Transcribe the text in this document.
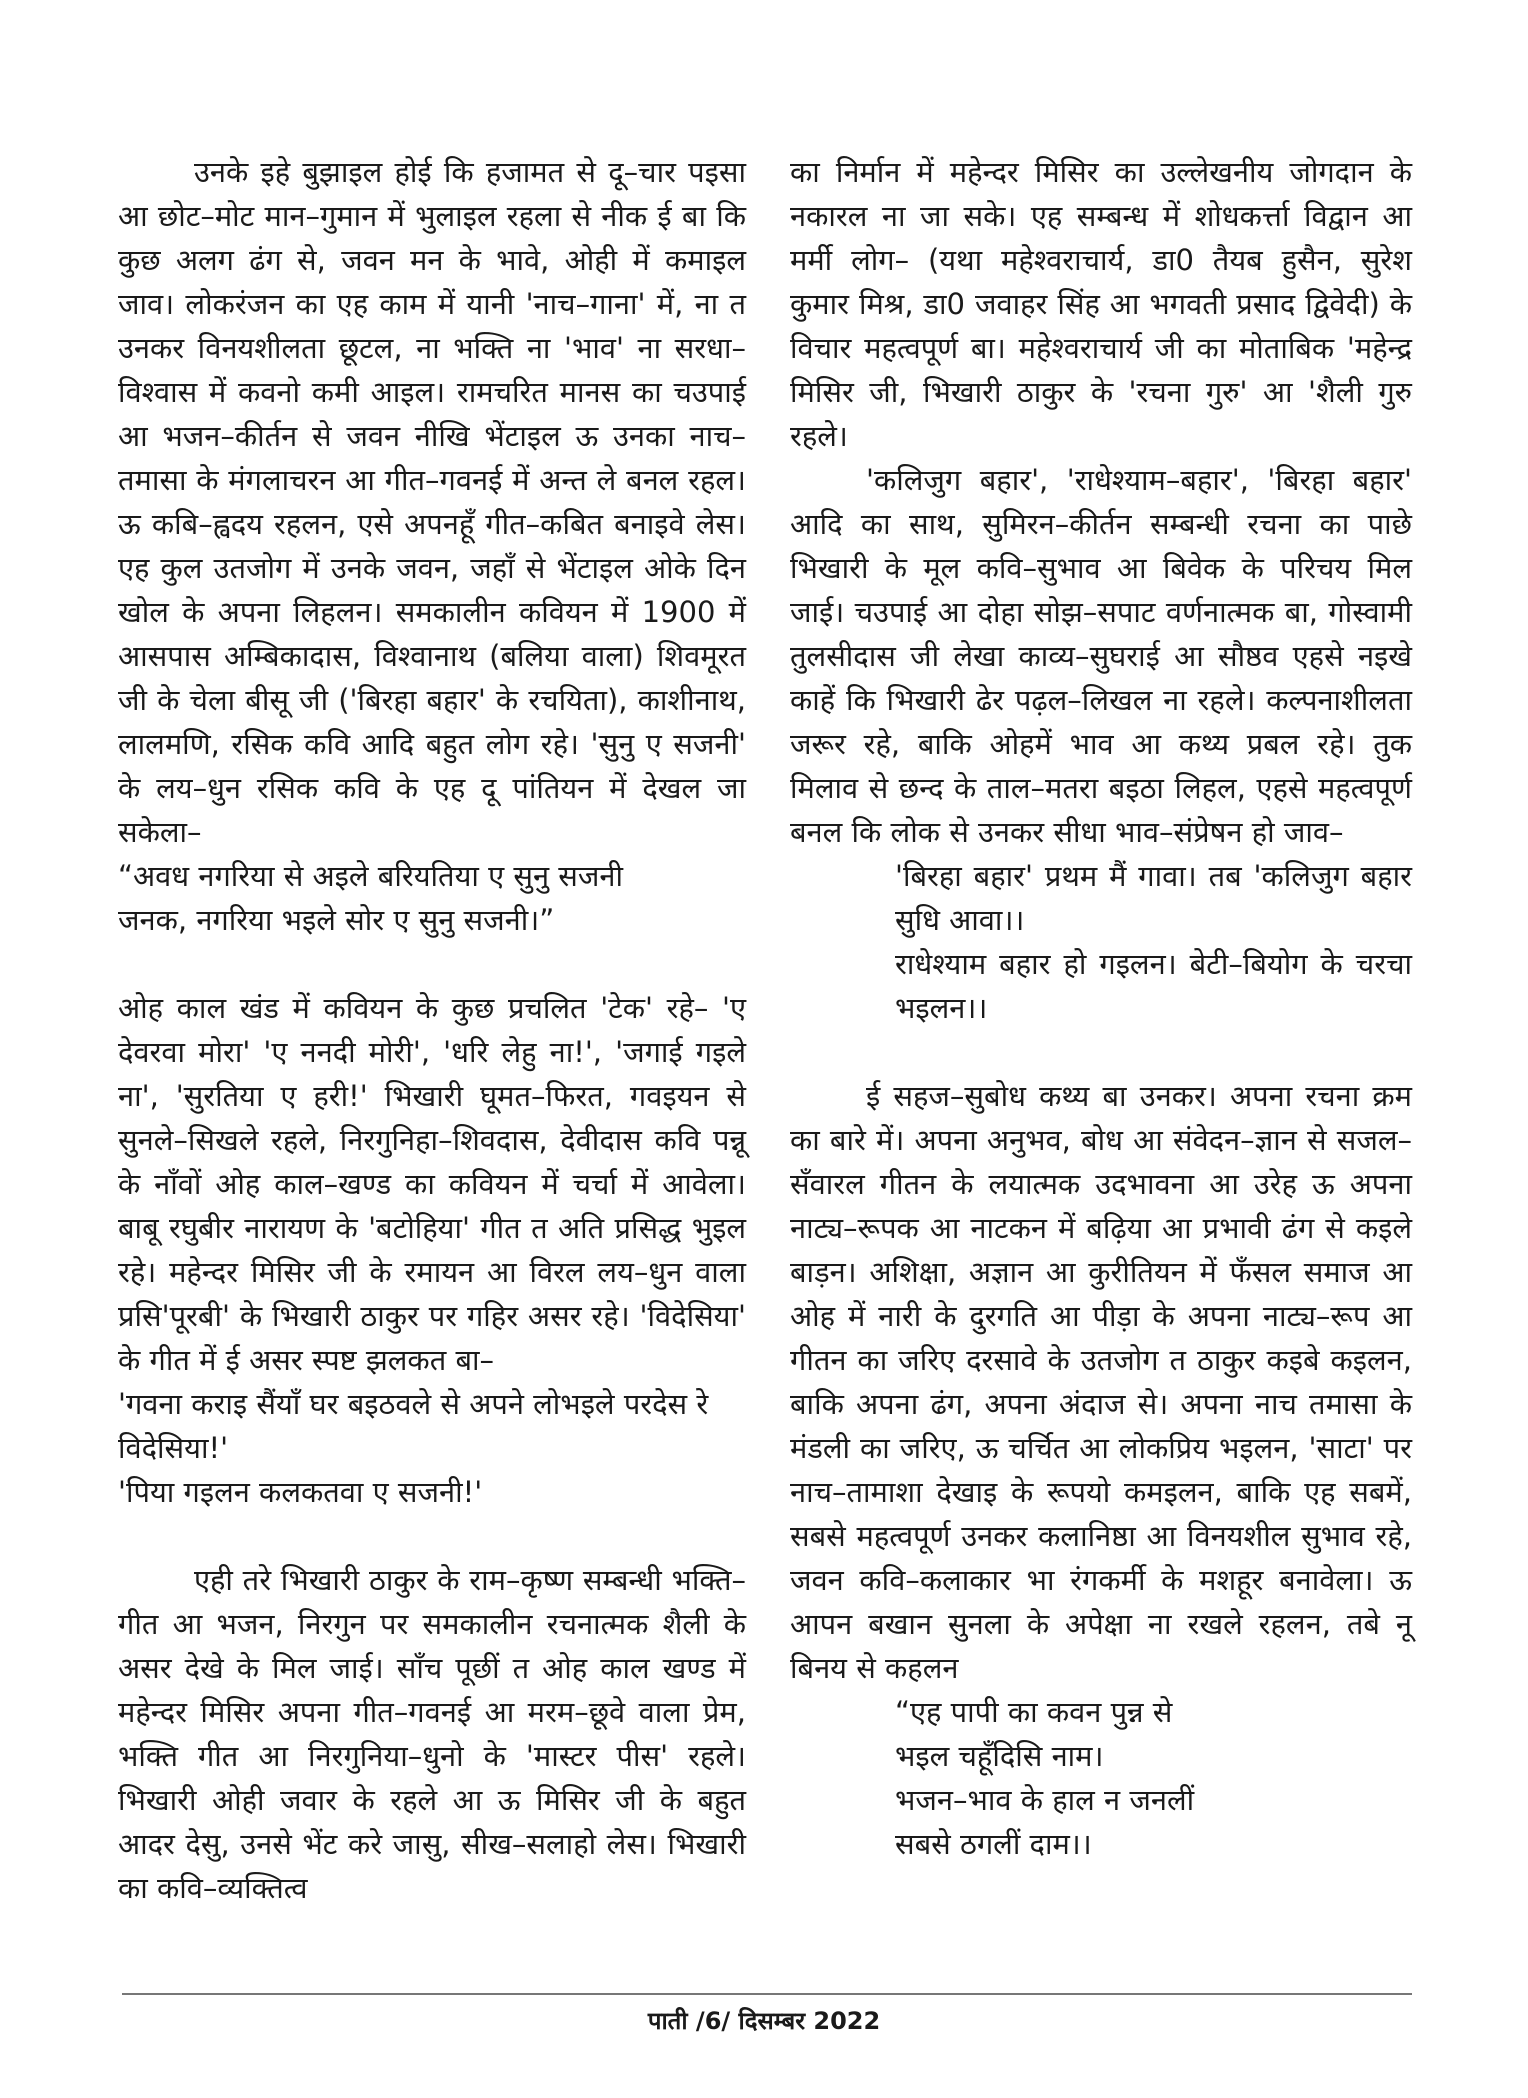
उनके इहे बुझाइल होई कि हजामत से दू–चार पइसा आ छोट–मोट मान–गुमान में भुलाइल रहला से नीक ई बा कि कुछ अलग ढंग से, जवन मन के भावे, ओही में कमाइल जाव। लोकरंजन का एह काम में यानी 'नाच–गाना' में, ना त उनकर विनयशीलता छूटल, ना भक्ति ना 'भाव' ना सरधा–विश्वास में कवनो कमी आइल। रामचरित मानस का चउपाई आ भजन–कीर्तन से जवन नीखि भेंटाइल ऊ उनका नाच–तमासा के मंगलाचरन आ गीत–गवनई में अन्त ले बनल रहल। ऊ कबि–ह्वदय रहलन, एसे अपनहूँ गीत–कबित बनाइवे लेस। एह कुल उतजोग में उनके जवन, जहाँ से भेंटाइल ओके दिन खोल के अपना लिहलन। समकालीन कवियन में 1900 में आसपास अम्बिकादास, विश्वानाथ (बलिया वाला) शिवमूरत जी के चेला बीसू जी ('बिरहा बहार' के रचयिता), काशीनाथ, लालमणि, रसिक कवि आदि बहुत लोग रहे। 'सुनु ए सजनी' के लय–धुन रसिक कवि के एह दू पांतियन में देखल जा सकेला–

“अवध नगरिया से अइले बरियतिया ए सुनु सजनी

जनक, नगरिया भइले सोर ए सुनु सजनी।”

ओह काल खंड में कवियन के कुछ प्रचलित 'टेक' रहे– 'ए देवरवा मोरा' 'ए ननदी मोरी', 'धरि लेहु ना!', 'जगाई गइले ना', 'सुरतिया ए हरी!' भिखारी घूमत–फिरत, गवइयन से सुनले–सिखले रहले, निरगुनिहा–शिवदास, देवीदास कवि पन्नू के नाँवों ओह काल–खण्ड का कवियन में चर्चा में आवेला। बाबू रघुबीर नारायण के 'बटोहिया' गीत त अति प्रसिद्ध भुइल रहे। महेन्दर मिसिर जी के रमायन आ विरल लय–धुन वाला प्रसि'पूरबी' के भिखारी ठाकुर पर गहिर असर रहे। 'विदेसिया' के गीत में ई असर स्पष्ट झलकत बा–

'गवना कराइ सैंयाँ घर बइठवले से अपने लोभइले परदेस रे विदेसिया!'

'पिया गइलन कलकतवा ए सजनी!'

एही तरे भिखारी ठाकुर के राम–कृष्ण सम्बन्धी भक्ति–गीत आ भजन, निरगुन पर समकालीन रचनात्मक शैली के असर देखे के मिल जाई। साँच पूछीं त ओह काल खण्ड में महेन्दर मिसिर अपना गीत–गवनई आ मरम–छूवे वाला प्रेम, भक्ति गीत आ निरगुनिया–धुनो के 'मास्टर पीस' रहले। भिखारी ओही जवार के रहले आ ऊ मिसिर जी के बहुत आदर देसु, उनसे भेंट करे जासु, सीख–सलाहो लेस। भिखारी का कवि–व्यक्तित्व

का निर्मान में महेन्दर मिसिर का उल्लेखनीय जोगदान के नकारल ना जा सके। एह सम्बन्ध में शोधकर्त्ता विद्वान आ मर्मी लोग– (यथा महेश्वराचार्य, डा0 तैयब हुसैन, सुरेश कुमार मिश्र, डा0 जवाहर सिंह आ भगवती प्रसाद द्विवेदी) के विचार महत्वपूर्ण बा। महेश्वराचार्य जी का मोताबिक 'महेन्द्र मिसिर जी, भिखारी ठाकुर के 'रचना गुरु' आ 'शैली गुरु रहले।

'कलिजुग बहार', 'राधेश्याम–बहार', 'बिरहा बहार' आदि का साथ, सुमिरन–कीर्तन सम्बन्धी रचना का पाछे भिखारी के मूल कवि–सुभाव आ बिवेक के परिचय मिल जाई। चउपाई आ दोहा सोझ–सपाट वर्णनात्मक बा, गोस्वामी तुलसीदास जी लेखा काव्य–सुघराई आ सौष्ठव एहसे नइखे काहें कि भिखारी ढेर पढ़ल–लिखल ना रहले। कल्पनाशीलता जरूर रहे, बाकि ओहमें भाव आ कथ्य प्रबल रहे। तुक मिलाव से छन्द के ताल–मतरा बइठा लिहल, एहसे महत्वपूर्ण बनल कि लोक से उनकर सीधा भाव–संप्रेषन हो जाव–

'बिरहा बहार' प्रथम मैं गावा। तब 'कलिजुग बहार सुधि आवा।।

राधेश्याम बहार हो गइलन। बेटी–बियोग के चरचा भइलन।।

ई सहज–सुबोध कथ्य बा उनकर। अपना रचना क्रम का बारे में। अपना अनुभव, बोध आ संवेदन–ज्ञान से सजल–सँवारल गीतन के लयात्मक उदभावना आ उरेह ऊ अपना नाट्य–रूपक आ नाटकन में बढ़िया आ प्रभावी ढंग से कइले बाड़न। अशिक्षा, अज्ञान आ कुरीतियन में फँसल समाज आ ओह में नारी के दुरगति आ पीड़ा के अपना नाट्य–रूप आ गीतन का जरिए दरसावे के उतजोग त ठाकुर कइबे कइलन, बाकि अपना ढंग, अपना अंदाज से। अपना नाच तमासा के मंडली का जरिए, ऊ चर्चित आ लोकप्रिय भइलन, 'साटा' पर नाच–तामाशा देखाइ के रूपयो कमइलन, बाकि एह सबमें, सबसे महत्वपूर्ण उनकर कलानिष्ठा आ विनयशील सुभाव रहे, जवन कवि–कलाकार भा रंगकर्मी के मशहूर बनावेला। ऊ आपन बखान सुनला के अपेक्षा ना रखले रहलन, तबे नू बिनय से कहलन

“एह पापी का कवन पुन्न से

भइल चहूँदिसि नाम।

भजन–भाव के हाल न जनलीं

सबसे ठगलीं दाम।।

पाती /6/ दिसम्बर 2022
